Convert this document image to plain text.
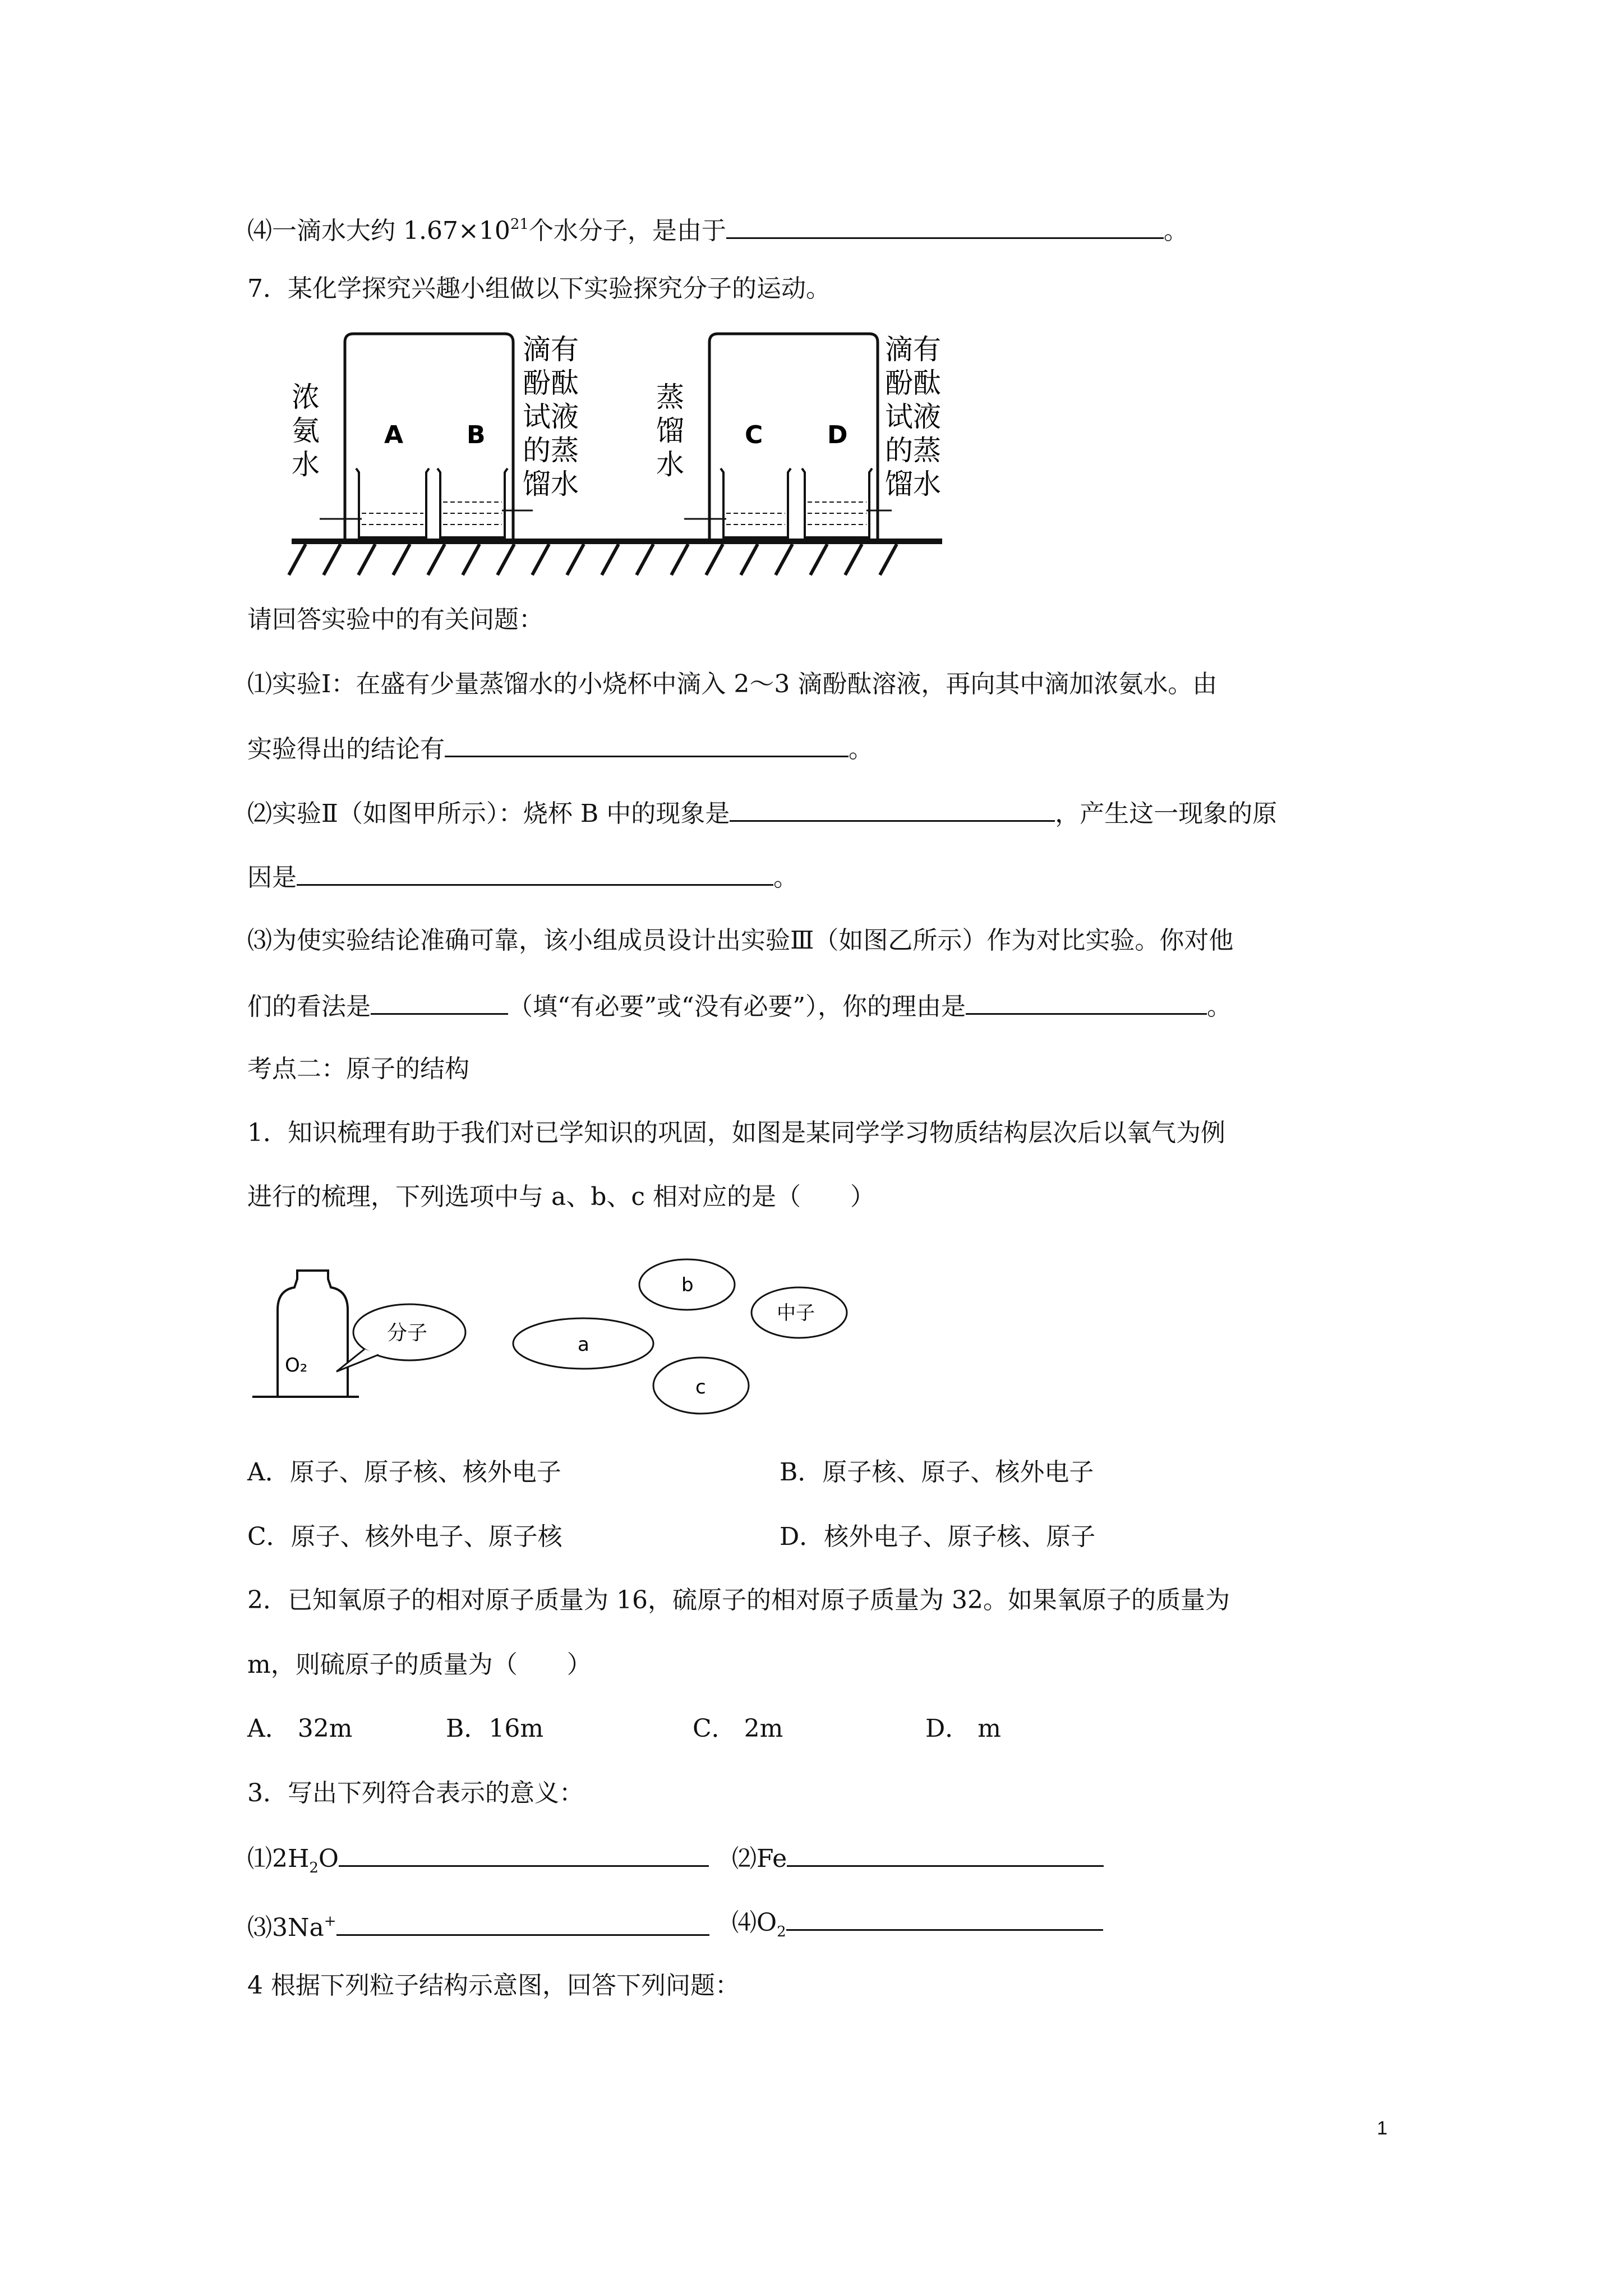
⑷一滴水大约 $1.67\times 10^{21}$个水分子，是由于	。
7．某化学探究兴趣小组做以下实验探究分子的运动。
A	B	C	D
浓氨水
滴有酚酞试液的蒸馏水
蒸馏水
滴有酚酞试液的蒸馏水
请回答实验中的有关问题：
⑴实验Ⅰ：在盛有少量蒸馏水的小烧杯中滴入 2～3 滴酚酞溶液，再向其中滴加浓氨水。由
实验得出的结论有	。
⑵实验Ⅱ（如图甲所示）：烧杯 B 中的现象是	，产生这一现象的原
因是	。
⑶为使实验结论准确可靠，该小组成员设计出实验Ⅲ（如图乙所示）作为对比实验。你对他
们的看法是	（填“有必要”或“没有必要”），你的理由是	。
考点二：原子的结构
1．知识梳理有助于我们对已学知识的巩固，如图是某同学学习物质结构层次后以氧气为例
进行的梳理，下列选项中与 a、b、c 相对应的是（　　）
O₂
分子	a
b
中子
c
A．原子、原子核、核外电子	B．原子核、原子、核外电子
C．原子、核外电子、原子核	D．核外电子、原子核、原子
2．已知氧原子的相对原子质量为 16，硫原子的相对原子质量为 32。如果氧原子的质量为
m，则硫原子的质量为（　　）
A． 32m	B．16m	C． 2m	D． m
3．写出下列符合表示的意义：
$⑴2H_2O$	⑵Fe
⑶3Na+	$⑷O_2$
4 根据下列粒子结构示意图，回答下列问题：
1
